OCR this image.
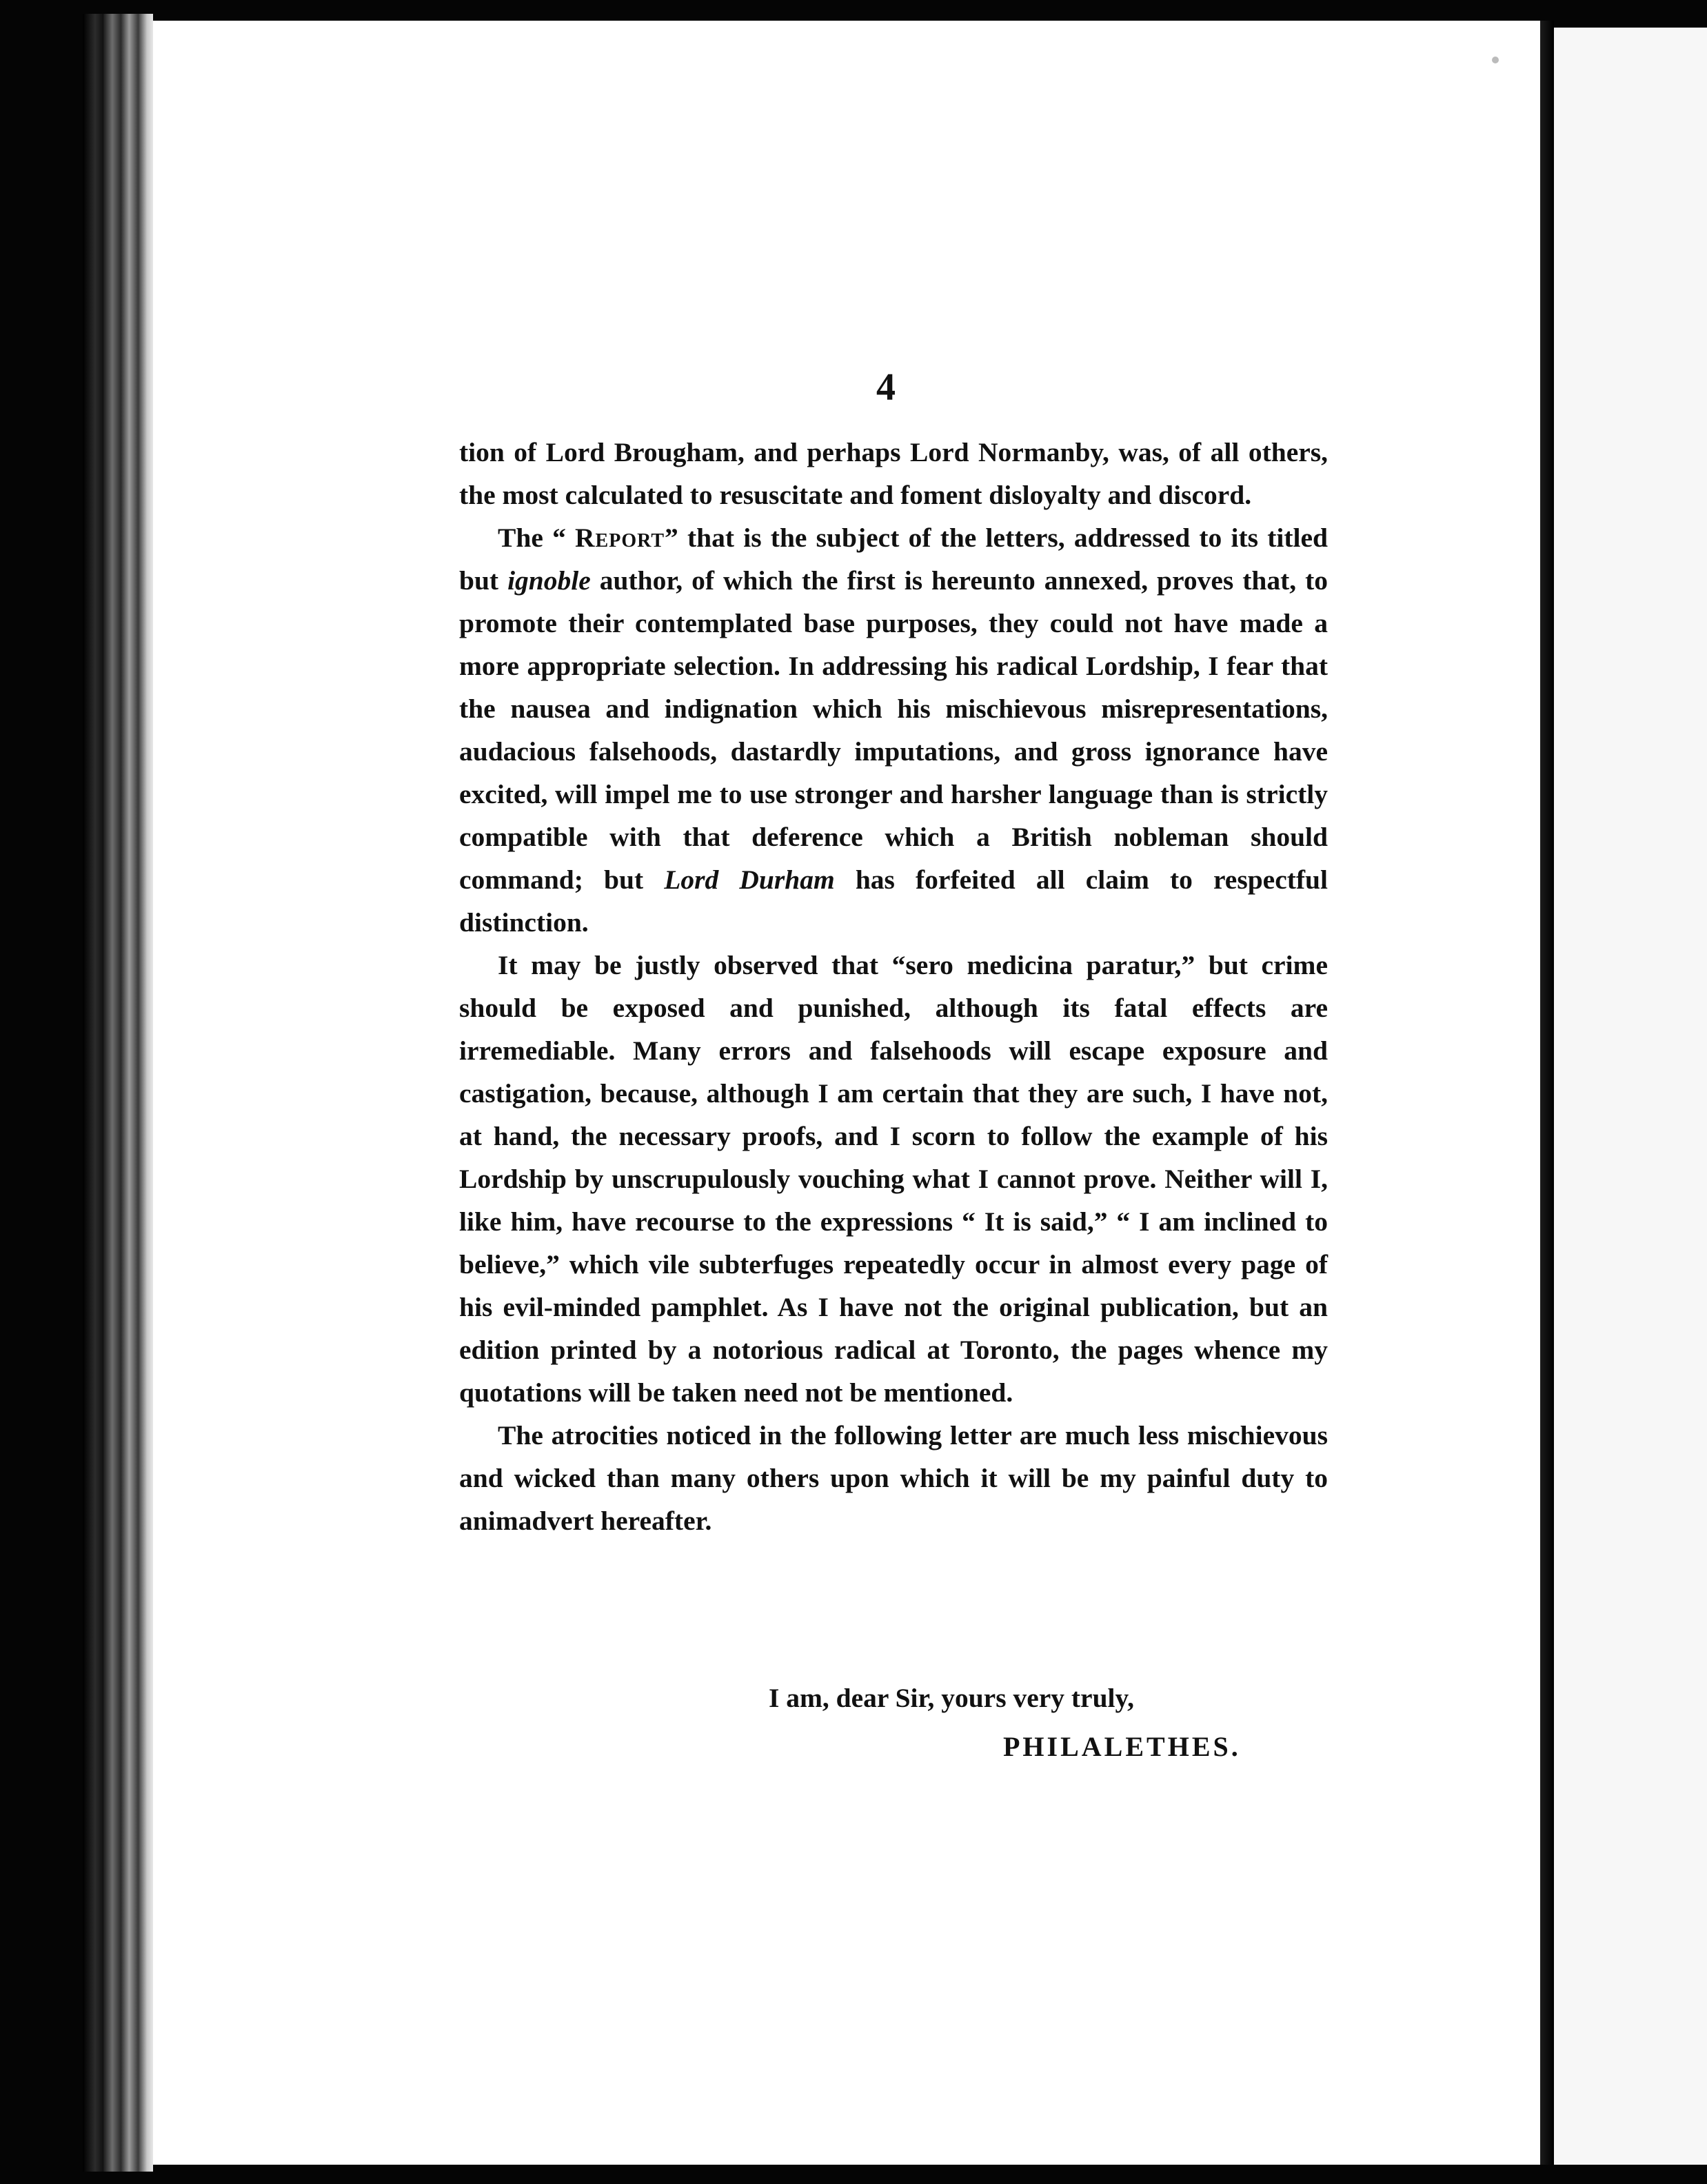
4

tion of Lord Brougham, and perhaps Lord Normanby, was, of all others, the most calculated to resuscitate and foment disloyalty and discord.

The “ Report” that is the subject of the letters, addressed to its titled but ignoble author, of which the first is hereunto annexed, proves that, to promote their contemplated base purposes, they could not have made a more appropriate selection. In addressing his radical Lordship, I fear that the nausea and indignation which his mischievous misrepresentations, audacious falsehoods, dastardly imputations, and gross ignorance have excited, will impel me to use stronger and harsher language than is strictly compatible with that deference which a British nobleman should command; but Lord Durham has forfeited all claim to respectful distinction.

It may be justly observed that “sero medicina paratur,” but crime should be exposed and punished, although its fatal effects are irremediable. Many errors and falsehoods will escape exposure and castigation, because, although I am certain that they are such, I have not, at hand, the necessary proofs, and I scorn to follow the example of his Lordship by unscrupulously vouching what I cannot prove. Neither will I, like him, have recourse to the expressions “ It is said,” “ I am inclined to believe,” which vile subterfuges repeatedly occur in almost every page of his evil-minded pamphlet. As I have not the original publication, but an edition printed by a notorious radical at Toronto, the pages whence my quotations will be taken need not be mentioned.

The atrocities noticed in the following letter are much less mischievous and wicked than many others upon which it will be my painful duty to animadvert hereafter.

I am, dear Sir, yours very truly,
PHILALETHES.
